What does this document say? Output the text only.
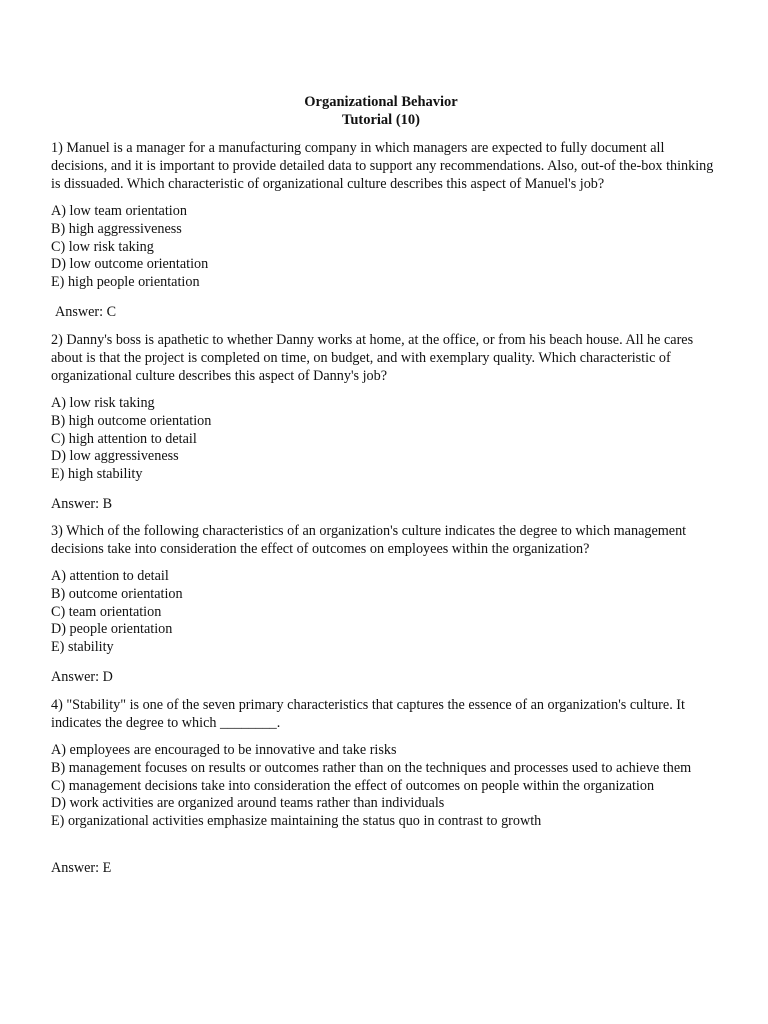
Organizational Behavior
Tutorial (10)

1) Manuel is a manager for a manufacturing company in which managers are expected to fully document all decisions, and it is important to provide detailed data to support any recommendations. Also, out-of the-box thinking is dissuaded. Which characteristic of organizational culture describes this aspect of Manuel's job?

A) low team orientation
B) high aggressiveness
C) low risk taking
D) low outcome orientation
E) high people orientation
Answer: C

2) Danny's boss is apathetic to whether Danny works at home, at the office, or from his beach house. All he cares about is that the project is completed on time, on budget, and with exemplary quality. Which characteristic of organizational culture describes this aspect of Danny's job?

A) low risk taking
B) high outcome orientation
C) high attention to detail
D) low aggressiveness
E) high stability
Answer: B

3) Which of the following characteristics of an organization's culture indicates the degree to which management decisions take into consideration the effect of outcomes on employees within the organization?

A) attention to detail
B) outcome orientation
C) team orientation
D) people orientation
E) stability
Answer: D

4) "Stability" is one of the seven primary characteristics that captures the essence of an organization's culture. It indicates the degree to which ________.

A) employees are encouraged to be innovative and take risks
B) management focuses on results or outcomes rather than on the techniques and processes used to achieve them
C) management decisions take into consideration the effect of outcomes on people within the organization
D) work activities are organized around teams rather than individuals
E) organizational activities emphasize maintaining the status quo in contrast to growth
Answer: E
